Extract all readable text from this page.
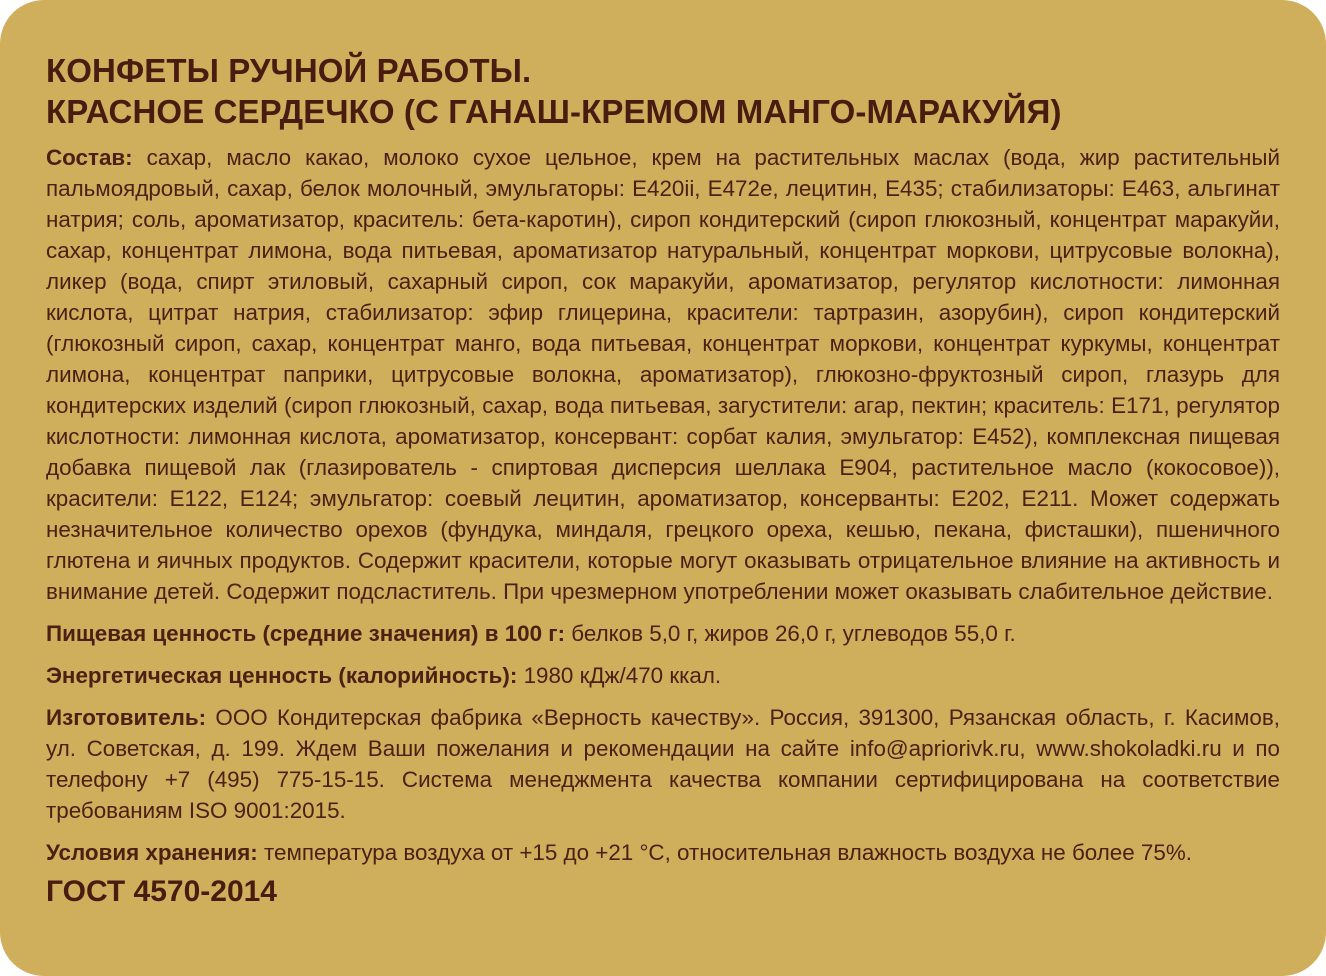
КОНФЕТЫ РУЧНОЙ РАБОТЫ.
КРАСНОЕ СЕРДЕЧКО (С ГАНАШ-КРЕМОМ МАНГО-МАРАКУЙЯ)

Состав: сахар, масло какао, молоко сухое цельное, крем на растительных маслах (вода, жир растительный пальмоядровый, сахар, белок молочный, эмульгаторы: Е420ii, Е472е, лецитин, Е435; стабилизаторы: Е463, альгинат натрия; соль, ароматизатор, краситель: бета-каротин), сироп кондитерский (сироп глюкозный, концентрат маракуйи, сахар, концентрат лимона, вода питьевая, ароматизатор натуральный, концентрат моркови, цитрусовые волокна), ликер (вода, спирт этиловый, сахарный сироп, сок маракуйи, ароматизатор, регулятор кислотности: лимонная кислота, цитрат натрия, стабилизатор: эфир глицерина, красители: тартразин, азорубин), сироп кондитерский (глюкозный сироп, сахар, концентрат манго, вода питьевая, концентрат моркови, концентрат куркумы, концентрат лимона, концентрат паприки, цитрусовые волокна, ароматизатор), глюкозно-фруктозный сироп, глазурь для кондитерских изделий (сироп глюкозный, сахар, вода питьевая, загустители: агар, пектин; краситель: Е171, регулятор кислотности: лимонная кислота, ароматизатор, консервант: сорбат калия, эмульгатор: Е452), комплексная пищевая добавка пищевой лак (глазирователь - спиртовая дисперсия шеллака Е904, растительное масло (кокосовое)), красители: Е122, Е124; эмульгатор: соевый лецитин, ароматизатор, консерванты: Е202, Е211. Может содержать незначительное количество орехов (фундука, миндаля, грецкого ореха, кешью, пекана, фисташки), пшеничного глютена и яичных продуктов. Содержит красители, которые могут оказывать отрицательное влияние на активность и внимание детей. Содержит подсластитель. При чрезмерном употреблении может оказывать слабительное действие.

Пищевая ценность (средние значения) в 100 г: белков 5,0 г, жиров 26,0 г, углеводов 55,0 г.

Энергетическая ценность (калорийность): 1980 кДж/470 ккал.

Изготовитель: ООО Кондитерская фабрика «Верность качеству». Россия, 391300, Рязанская область, г. Касимов, ул. Советская, д. 199. Ждем Ваши пожелания и рекомендации на сайте info@apriorivk.ru, www.shokoladki.ru и по телефону +7 (495) 775-15-15. Система менеджмента качества компании сертифицирована на соответствие требованиям ISO 9001:2015.

Условия хранения: температура воздуха от +15 до +21 °С, относительная влажность воздуха не более 75%.

ГОСТ 4570-2014
